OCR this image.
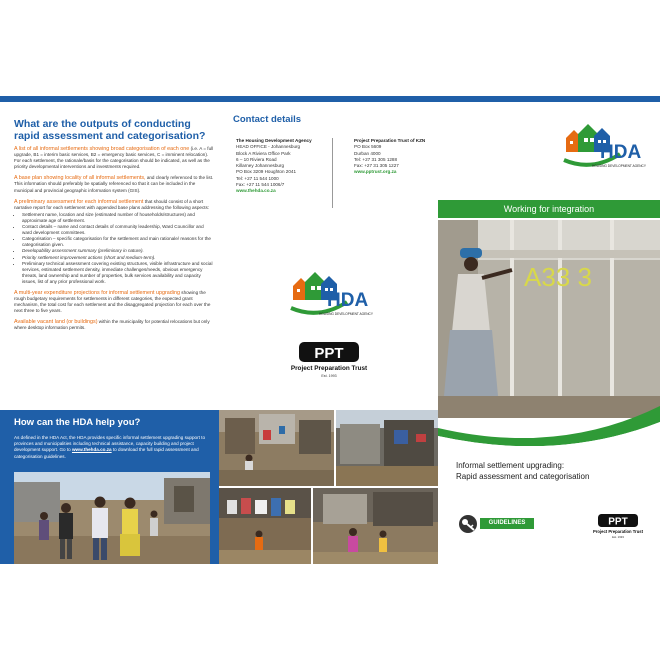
What are the outputs of conducting rapid assessment and categorisation?

A list of all informal settlements showing broad categorisation of each one (i.e. A = full upgrade, B1 = interim basic services, B2 = emergency basic services, C = imminent relocation). For each settlement, the rationale/basis for the categorisation should be indicated, as well as the priority developmental interventions and investments required.

A base plan showing locality of all informal settlements, and clearly referenced to the list. This information should preferably be spatially referenced so that it can be included in the municipal and provincial geographic information system (GIS).

A preliminary assessment for each informal settlement that should consist of a short narrative report for each settlement with appended base plans addressing the following aspects:

• Settlement name, location and size (estimated number of households/structures) and approximate age of settlement.
• Contact details – name and contact details of community leadership, Ward Councillor and ward development committees.
• Categorisation – specific categorisation for the settlement and main rationale/ reasons for the categorisation given.
• Developability assessment summary (preliminary in nature).
• Priority settlement improvement actions (short and medium-term).
• Preliminary technical assessment covering existing structures, visible infrastructure and social services, estimated settlement density, immediate challenges/needs, obvious emergency threats, land ownership and number of properties, bulk services availability and capacity issues, list of any prior professional work.

A multi-year expenditure projections for informal settlement upgrading showing the rough budgetary requirements for settlements in different categories, the expected grant mechanism, the total cost for each settlement and the disaggregated projection for each over the next three to five years.

Available vacant land (or buildings) within the municipality for potential relocations but only where desktop information permits.

How can the HDA help you?
As defined in the HDA Act, the HDA provides specific informal settlement upgrading support to provinces and municipalities including technical assistance, capacity building and project development support. Go to www.thehda.co.za to download the full rapid assessment and categorisation guidelines.
Contact details
The Housing Development Agency
HEAD OFFICE - Johannesburg
Block A Riviera Office Park
6 – 10 Riviera Road
Killarney Johannesburg
PO Box 3209 Houghton 2041
Tel: +27 11 544 1000
Fax: +27 11 544 1006/7
www.thehda.co.za
Project Preparation Trust of KZN
PO Box 5609
Durban 4000
Tel: +27 31 305 1288
Fax: +27 31 305 1227
www.pptrust.org.za
HDA
HOUSING DEVELOPMENT AGENCY
PPT
Project Preparation Trust
Est. 1993
HDA
HOUSING DEVELOPMENT AGENCY
Working for integration
A33 3
Informal settlement upgrading:
Rapid assessment and categorisation
GUIDELINES	PPT
Project Preparation Trust
Est. 1993
